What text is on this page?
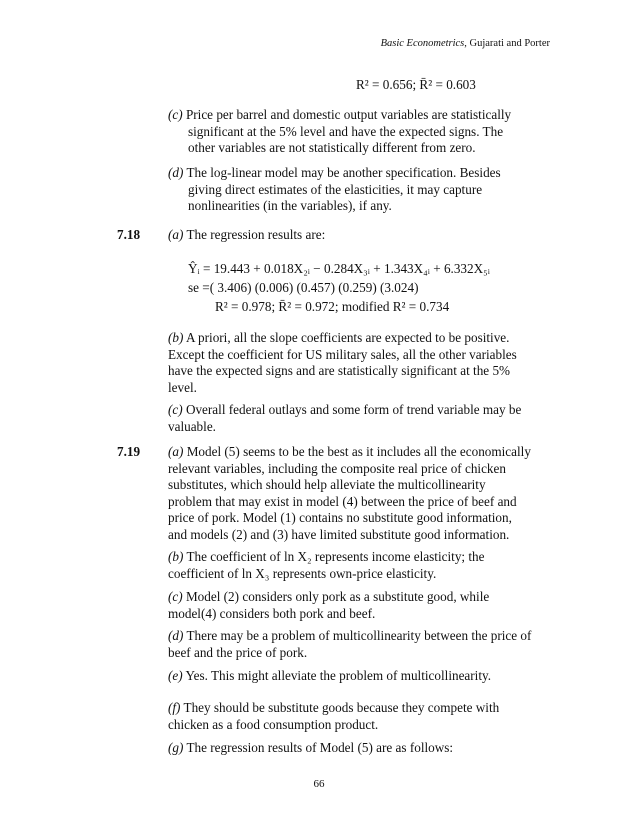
Basic Econometrics, Gujarati and Porter
R² = 0.656; R̄² = 0.603
(c) Price per barrel and domestic output variables are statistically
significant at the 5% level and have the expected signs. The
other variables are not statistically different from zero.
(d) The log-linear model may be another specification. Besides
giving direct estimates of the elasticities, it may capture
nonlinearities (in the variables), if any.
7.18 (a) The regression results are:
Ŷᵢ = 19.443 + 0.018X₂ᵢ − 0.284X₃ᵢ + 1.343X₄ᵢ + 6.332X₅ᵢ
se =( 3.406) (0.006) (0.457) (0.259) (3.024)
R² = 0.978; R̄² = 0.972; modified R² = 0.734
(b) A priori, all the slope coefficients are expected to be positive.
Except the coefficient for US military sales, all the other variables
have the expected signs and are statistically significant at the 5%
level.
(c) Overall federal outlays and some form of trend variable may be
valuable.
7.19 (a) Model (5) seems to be the best as it includes all the economically
relevant variables, including the composite real price of chicken
substitutes, which should help alleviate the multicollinearity
problem that may exist in model (4) between the price of beef and
price of pork. Model (1) contains no substitute good information,
and models (2) and (3) have limited substitute good information.
(b) The coefficient of ln X₂ represents income elasticity; the
coefficient of ln X₃ represents own-price elasticity.
(c) Model (2) considers only pork as a substitute good, while
model(4) considers both pork and beef.
(d) There may be a problem of multicollinearity between the price of
beef and the price of pork.
(e) Yes. This might alleviate the problem of multicollinearity.
(f) They should be substitute goods because they compete with
chicken as a food consumption product.
(g) The regression results of Model (5) are as follows:
66
